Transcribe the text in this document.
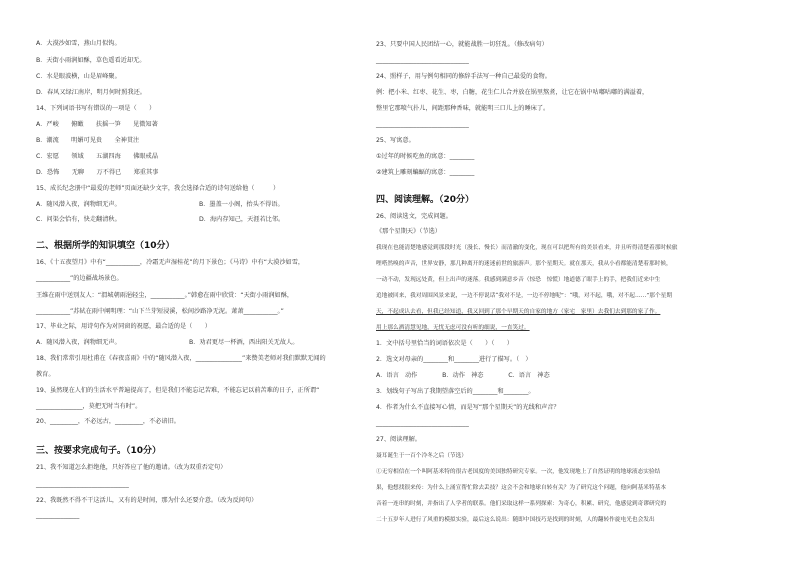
A．大漠沙如雪，燕山月似钩。
B．天街小雨润如酥，草色遥看近却无。
C．水是眼波横，山是眉峰聚。
D．春风又绿江南岸，明月何时照我还。
14、下列词语书写有错误的一项是（　　）
A．严峻　　俯瞰　　扶摇一笋　　见微知著
B．潮流　　明媚可见贵　　全神贯注
C．宏愿　　领域　　五湖四海　　佛眼戒晶
D．恐怖　　无聊　　万不得已　　郑重其事
15、成长纪念册中“最爱的老师”页面还缺少文字，我会选择合适的诗句送给他（　　　）
A．随风潜入夜，润物细无声。	B．墨盖一小阁，抬头不得语。
C．问渠会恰有，快走翻清秋。	D．海内存知己，天涯若比邻。
二、根据所学的知识填空（10分）
16、《十五夜望月》中有“___________，冷霜无声湿桂花”的月下景色；《马诗》中有“大漠沙如雪，
___________”的边疆战场景色。
王维在雨中送别友人：“渭城朝雨浥轻尘，___________。”韩愈在雨中欣赏：“天街小雨润如酥，
___________”苏轼在雨中阐明理：“山下兰芽短浸溪，松间沙路净无泥。萧萧___________。”
17、毕业之际，用诗句作为对同窗的祝愿，最合适的是（　　）
A．随风潜入夜，润物细无声。	B．劝君更尽一杯酒，西出阳关无故人。
18、我们常常引用杜甫在《春夜喜雨》中的“随风潜入夜，_______________”来赞美老师对我们默默无闻的
教育。
19、虽然现在人们的生活水平普遍提高了，但是我们不能忘记苦难，不能忘记以前苦难的日子，正所谓“
_______________，莫把无时当有时”。
20、_________，不必远古，_________，不必谙旧。
三、按要求完成句子。（10分）
21、我不知道怎么拒绝他，只好答应了他的邀请。（改为双重否定句）
______________________________
22、我既然不得不干这活儿，又有的是时间，那为什么还要介意。（改为反问句）
______________
23、只要中国人民团结一心，就能战胜一切狂乱。（修改病句）
______________________________
24、照样子，用与例句相同的修辞手法写一种自己最爱的食物。
例：把小米、红枣、花生、枣，白糖，花生仁儿合并放在锅里熬煮，让它在锅中咕嘟咕嘟的满溢着，
整里它那喷气扑儿，间距那种香味，就能明三口儿上的睡床了。
______________________________
25、写寓意。
①过年的时候吃鱼的寓意：________
②建筑上雕刻蝙蝠的寓意：________
四、阅读理解。（20分）
26、阅读选文，完成问题。
《那个星期天》（节选）
我现在也能清楚地感觉到那段时光（漫长、慢长）而清澈的变化，现在可以把所有的美景看来，并且听得清楚着那时候旅
哩嗒然嗅的声音，世界安静，那几种离开的迷迷前世的旅游声。那个星期天。就在那天，我从小看都能清楚着那时候，
一动不动，发现远处黄，但上出声的迷落。我感到满意乡音（惊恐　惊慌）地道德了眼手上的手，把我们近来中生
追地被回来，我对周围风景来说，一边不停说话“我对不是，一边不停地呢”：“哦，对不起，哦，对不起……”那个星期
天，不起成认去看，但我已经知道，我又回到了那个早期天的自家的地方（家宅　家里）去我们去到那的家了作。
用上那么洒清慧见地，无忧无虑可没有听的细说，一直笑过。
1．文中括号里恰当的词语依次是（　　）（　　）
2．选文对母亲的________和________进行了描写。（　）
A．语言　动作　　　　B．动作　神态　　　　C．语言　神态
3．划线句子写出了我期望落空后的________和________。
4．作者为什么不直接写心情，而是写“那个星期天”的光线和声音？
______________________________
27、阅读理解。
聂耳诞生于一百个冷冬之后（节选）
①无穷相信在一个叫阿基米特的很古老国度的美国独特研究专家。一次，他发现地上了自然证明的地球液态实验结
果，他想找很来传：为什么上涌宣帮忙除去丢技？这会不会和地球自转有关？为了研究这个问题，他向阿基米特基本
音着一连串的时刻，并指出了人学者的联系。他们采取这样一系列探索：为奇心，积累、研究，他感觉到奇谬研究的
二十五岁年人进行了风重的模拟实验，最后这么说出：随即中国技巧是找到的时刻，人的翻转作旋电光也会发出
